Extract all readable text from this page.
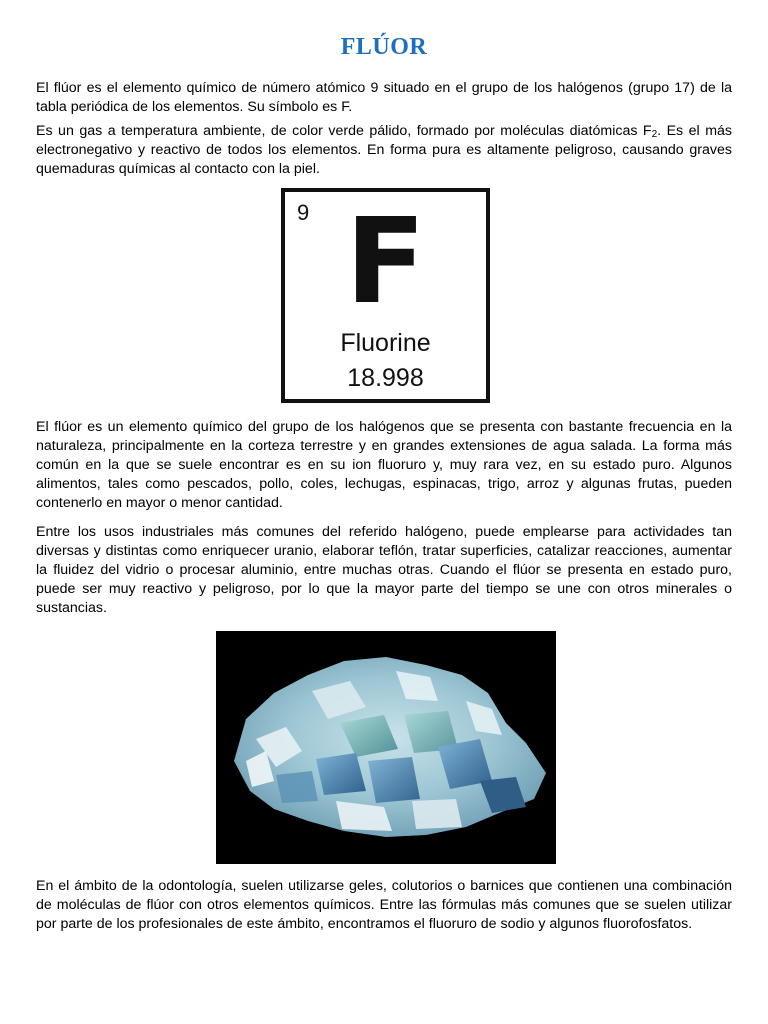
FLÚOR

El flúor es el elemento químico de número atómico 9 situado en el grupo de los halógenos (grupo 17) de la tabla periódica de los elementos. Su símbolo es F.

Es un gas a temperatura ambiente, de color verde pálido, formado por moléculas diatómicas $F_2$. Es el más electronegativo y reactivo de todos los elementos. En forma pura es altamente peligroso, causando graves quemaduras químicas al contacto con la piel.

9 F
Fluorine
18.998

El flúor es un elemento químico del grupo de los halógenos que se presenta con bastante frecuencia en la naturaleza, principalmente en la corteza terrestre y en grandes extensiones de agua salada. La forma más común en la que se suele encontrar es en su ion fluoruro y, muy rara vez, en su estado puro. Algunos alimentos, tales como pescados, pollo, coles, lechugas, espinacas, trigo, arroz y algunas frutas, pueden contenerlo en mayor o menor cantidad.

Entre los usos industriales más comunes del referido halógeno, puede emplearse para actividades tan diversas y distintas como enriquecer uranio, elaborar teflón, tratar superficies, catalizar reacciones, aumentar la fluidez del vidrio o procesar aluminio, entre muchas otras. Cuando el flúor se presenta en estado puro, puede ser muy reactivo y peligroso, por lo que la mayor parte del tiempo se une con otros minerales o sustancias.

En el ámbito de la odontología, suelen utilizarse geles, colutorios o barnices que contienen una combinación de moléculas de flúor con otros elementos químicos. Entre las fórmulas más comunes que se suelen utilizar por parte de los profesionales de este ámbito, encontramos el fluoruro de sodio y algunos fluorofosfatos.
